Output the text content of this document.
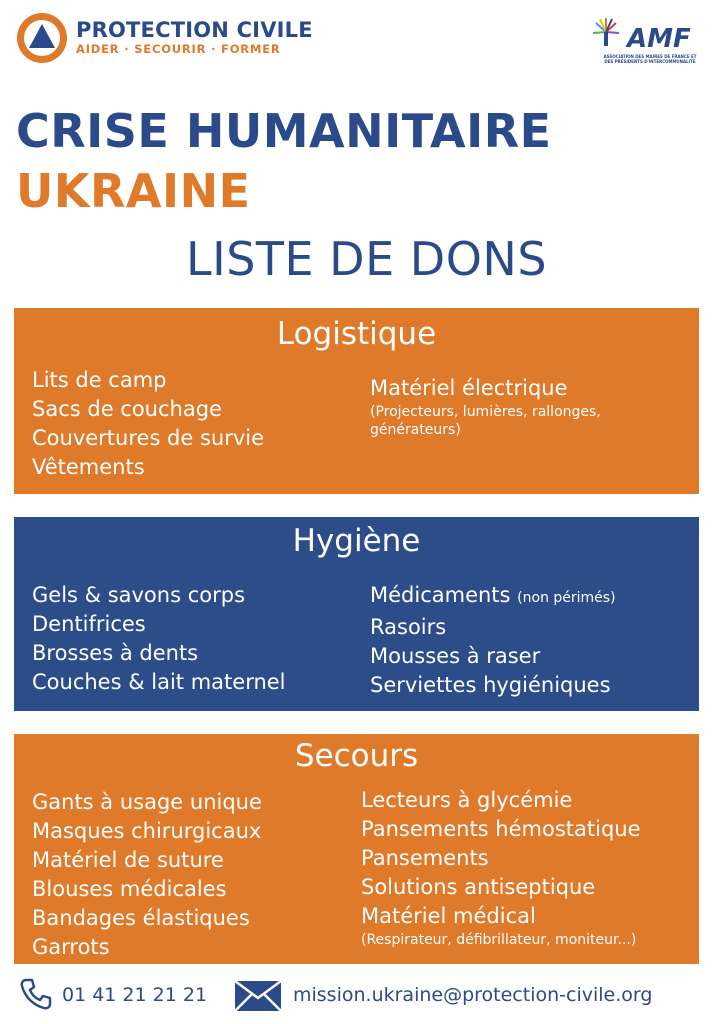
PROTECTION CIVILE
AIDER · SECOURIR · FORMER	AMF
ASSOCIATION DES MAIRES DE FRANCE ET DES PRÉSIDENTS D'INTERCOMMUNALITÉ
CRISE HUMANITAIRE
UKRAINE
LISTE DE DONS
Logistique
Lits de camp
Sacs de couchage
Couvertures de survie
Vêtements
Matériel électrique
(Projecteurs, lumières, rallonges,
générateurs)
Hygiène
Gels & savons corps
Dentifrices
Brosses à dents
Couches & lait maternel
Médicaments (non périmés)
Rasoirs
Mousses à raser
Serviettes hygiéniques
Secours
Gants à usage unique
Masques chirurgicaux
Matériel de suture
Blouses médicales
Bandages élastiques
Garrots
Lecteurs à glycémie
Pansements hémostatique
Pansements
Solutions antiseptique
Matériel médical
(Respirateur, défibrillateur, moniteur...)
01 41 21 21 21	mission.ukraine@protection-civile.org
